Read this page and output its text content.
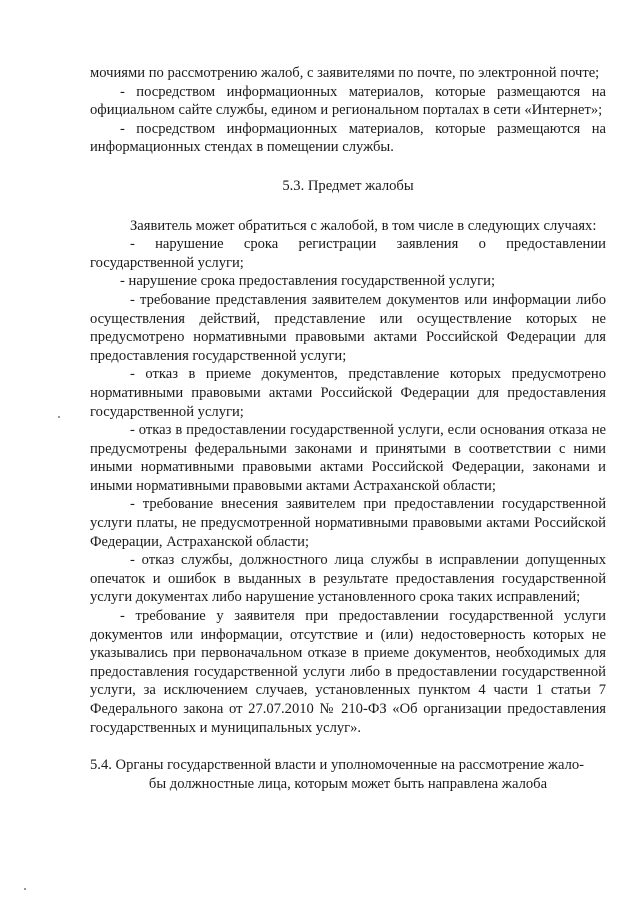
мочиями по рассмотрению жалоб, с заявителями по почте, по электронной почте;

- посредством информационных материалов, которые размещаются на официальном сайте службы, едином и региональном порталах в сети «Интернет»;

- посредством информационных материалов, которые размещаются на информационных стендах в помещении службы.

5.3. Предмет жалобы

Заявитель может обратиться с жалобой, в том числе в следующих случаях:

- нарушение срока регистрации заявления о предоставлении государственной услуги;

- нарушение срока предоставления государственной услуги;

- требование представления заявителем документов или информации либо осуществления действий, представление или осуществление которых не предусмотрено нормативными правовыми актами Российской Федерации для предоставления государственной услуги;

- отказ в приеме документов, представление которых предусмотрено нормативными правовыми актами Российской Федерации для предоставления государственной услуги;

- отказ в предоставлении государственной услуги, если основания отказа не предусмотрены федеральными законами и принятыми в соответствии с ними иными нормативными правовыми актами Российской Федерации, законами и иными нормативными правовыми актами Астраханской области;

- требование внесения заявителем при предоставлении государственной услуги платы, не предусмотренной нормативными правовыми актами Российской Федерации, Астраханской области;

- отказ службы, должностного лица службы в исправлении допущенных опечаток и ошибок в выданных в результате предоставления государственной услуги документах либо нарушение установленного срока таких исправлений;

- требование у заявителя при предоставлении государственной услуги документов или информации, отсутствие и (или) недостоверность которых не указывались при первоначальном отказе в приеме документов, необходимых для предоставления государственной услуги либо в предоставлении государственной услуги, за исключением случаев, установленных пунктом 4 части 1 статьи 7 Федерального закона от 27.07.2010 № 210-ФЗ «Об организации предоставления государственных и муниципальных услуг».

5.4. Органы государственной власти и уполномоченные на рассмотрение жало-
бы должностные лица, которым может быть направлена жалоба
